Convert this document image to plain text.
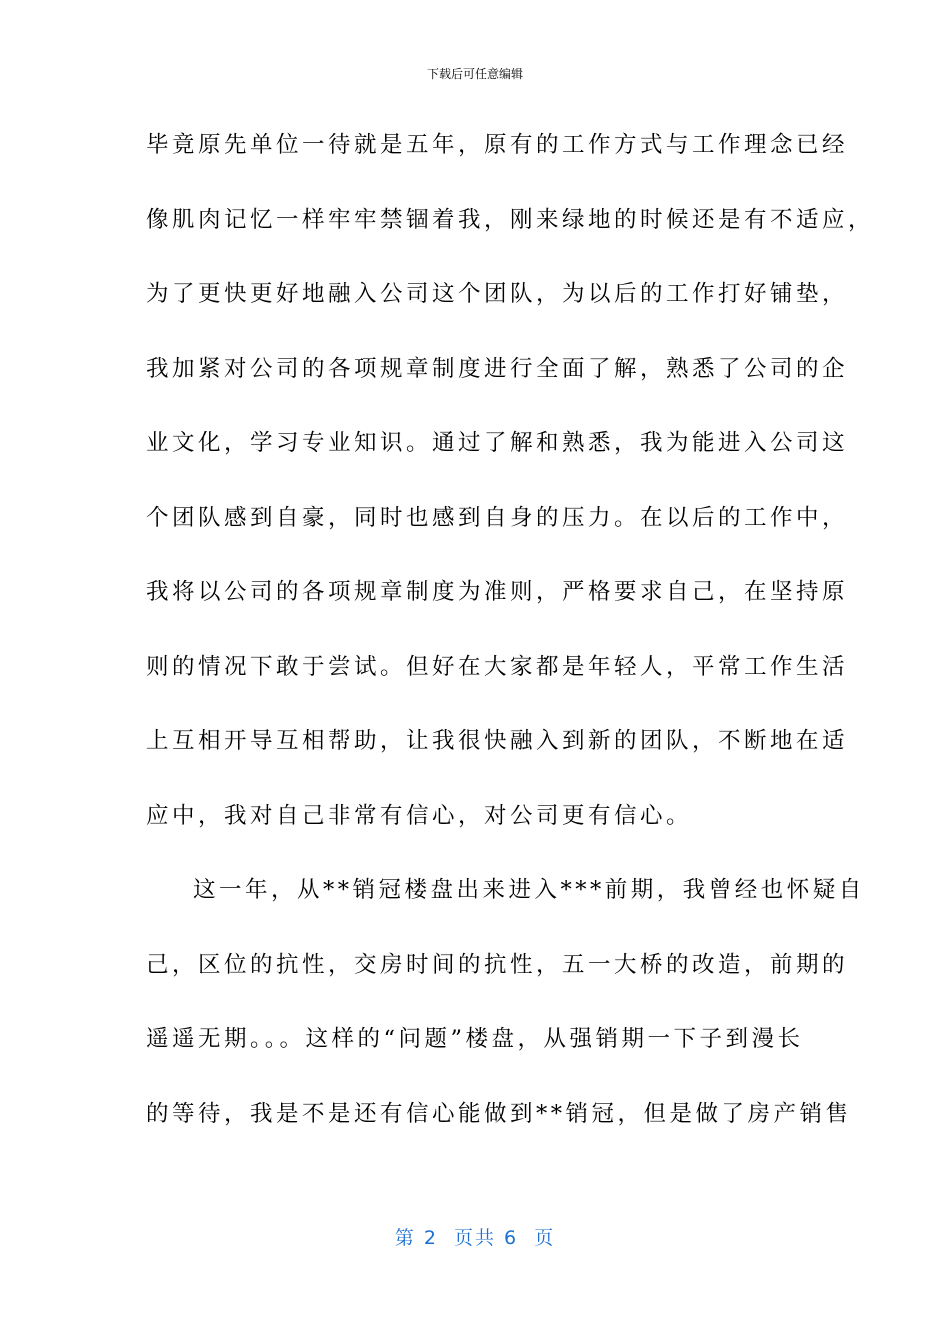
下载后可任意编辑
毕竟原先单位一待就是五年，原有的工作方式与工作理念已经
像肌肉记忆一样牢牢禁锢着我，刚来绿地的时候还是有不适应，
为了更快更好地融入公司这个团队，为以后的工作打好铺垫，
我加紧对公司的各项规章制度进行全面了解，熟悉了公司的企
业文化，学习专业知识。通过了解和熟悉，我为能进入公司这
个团队感到自豪，同时也感到自身的压力。在以后的工作中，
我将以公司的各项规章制度为准则，严格要求自己，在坚持原
则的情况下敢于尝试。但好在大家都是年轻人，平常工作生活
上互相开导互相帮助，让我很快融入到新的团队，不断地在适
应中，我对自己非常有信心，对公司更有信心。
这一年，从**销冠楼盘出来进入***前期，我曾经也怀疑自
己，区位的抗性，交房时间的抗性，五一大桥的改造，前期的
遥遥无期。。。这样的“问题”楼盘，从强销期一下子到漫长
的等待，我是不是还有信心能做到**销冠，但是做了房产销售
第 2  页共 6  页
